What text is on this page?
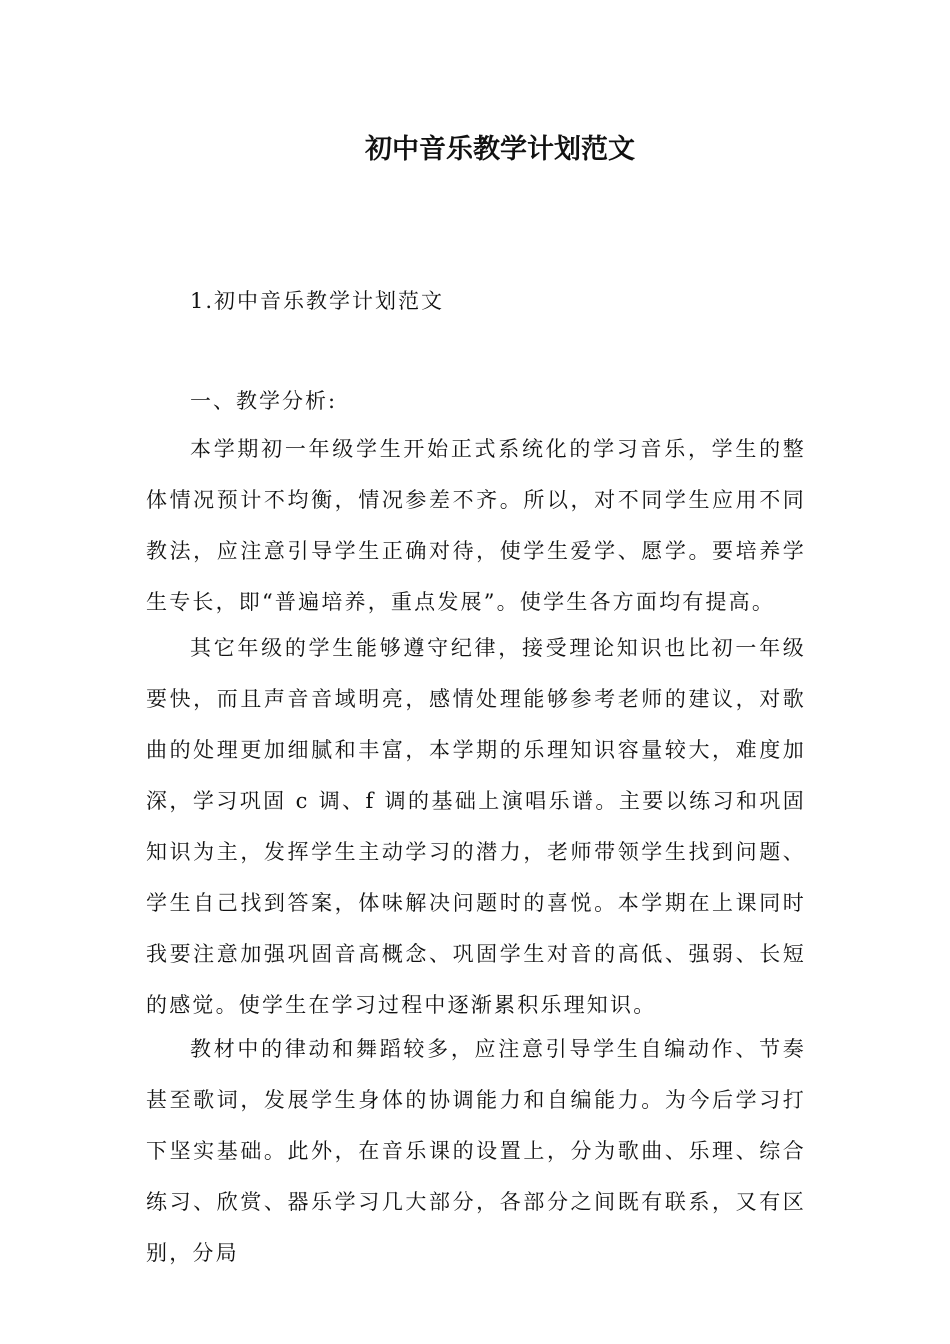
初中音乐教学计划范文

1.初中音乐教学计划范文

一、教学分析:

本学期初一年级学生开始正式系统化的学习音乐，学生的整体情况预计不均衡，情况参差不齐。所以，对不同学生应用不同教法，应注意引导学生正确对待，使学生爱学、愿学。要培养学生专长，即“普遍培养，重点发展”。使学生各方面均有提高。

其它年级的学生能够遵守纪律，接受理论知识也比初一年级要快，而且声音音域明亮，感情处理能够参考老师的建议，对歌曲的处理更加细腻和丰富，本学期的乐理知识容量较大，难度加深，学习巩固 c 调、f 调的基础上演唱乐谱。主要以练习和巩固知识为主，发挥学生主动学习的潜力，老师带领学生找到问题、学生自己找到答案，体味解决问题时的喜悦。本学期在上课同时我要注意加强巩固音高概念、巩固学生对音的高低、强弱、长短的感觉。使学生在学习过程中逐渐累积乐理知识。

教材中的律动和舞蹈较多，应注意引导学生自编动作、节奏甚至歌词，发展学生身体的协调能力和自编能力。为今后学习打下坚实基础。此外，在音乐课的设置上，分为歌曲、乐理、综合练习、欣赏、器乐学习几大部分，各部分之间既有联系，又有区别，分局
